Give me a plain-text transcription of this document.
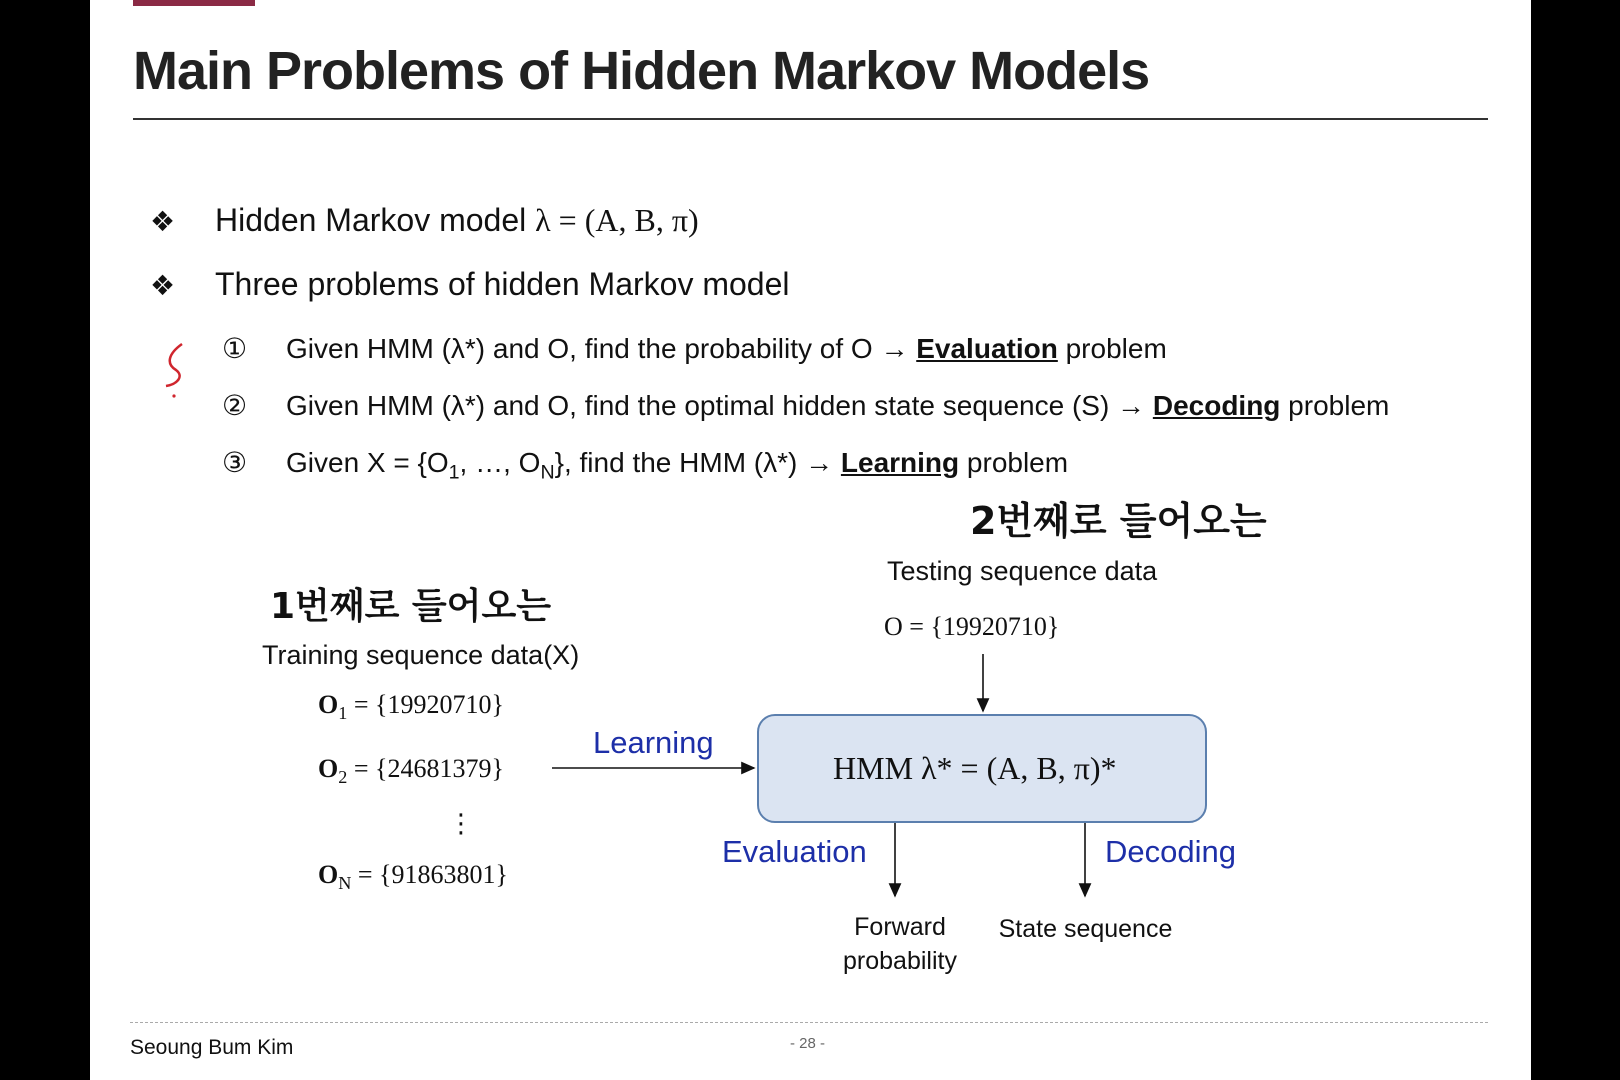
Main Problems of Hidden Markov Models
❖ Hidden Markov model λ = (A, B, π)
❖ Three problems of hidden Markov model
① Given HMM (λ*) and O, find the probability of O → Evaluation problem
② Given HMM (λ*) and O, find the optimal hidden state sequence (S) → Decoding problem
③ Given $X = \{O_1$, …, $O_N$}, find the HMM (λ*) → Learning problem
2번째로 들어오는
1번째로 들어오는
Training sequence data(X)
$O_1 = \{19920710\}$
$O_2 = \{24681379\}$
⋮
$O_N = \{91863801\}$
Testing sequence data
O = {19920710}
HMM λ* = (A, B, π)*
Learning
Evaluation	Decoding
Forward
probability
State sequence
Seoung Bum Kim	- 28 -
